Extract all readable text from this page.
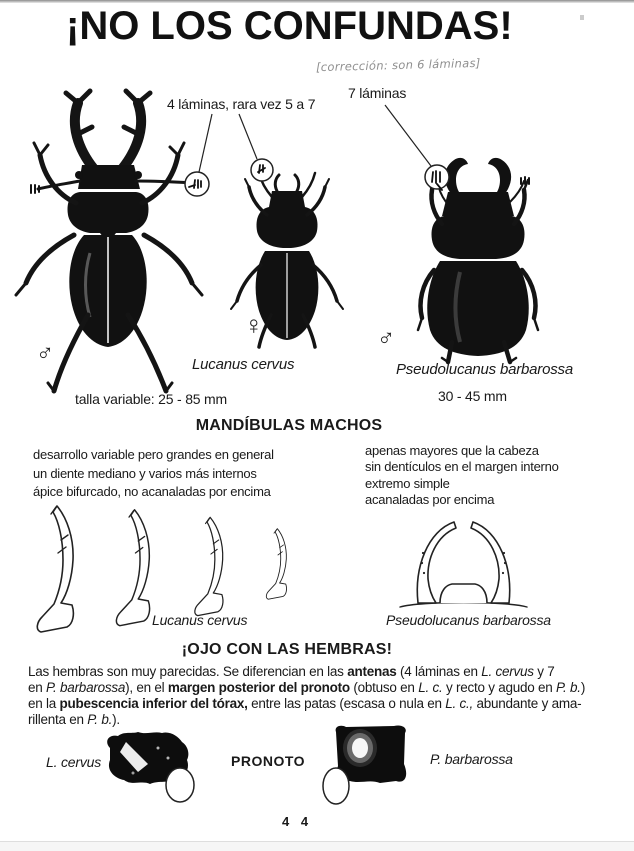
¡NO LOS CONFUNDAS!
[corrección: son 6 láminas]
4 láminas, rara vez 5 a 7
7 láminas
♂
♀	♂
Lucanus cervus	Pseudolucanus barbarossa
talla variable: 25 - 85 mm	30 - 45 mm
MANDÍBULAS MACHOS
desarrollo variable pero grandes en general
un diente mediano y varios más internos
ápice bifurcado, no acanaladas por encima
apenas mayores que la cabeza
sin dentículos en el margen interno
extremo simple
acanaladas por encima
Lucanus cervus	Pseudolucanus barbarossa
¡OJO CON LAS HEMBRAS!
Las hembras son muy parecidas. Se diferencian en las antenas (4 láminas en L. cervus y 7
en P. barbarossa), en el margen posterior del pronoto (obtuso en L. c. y recto y agudo en P. b.)
en la pubescencia inferior del tórax, entre las patas (escasa o nula en L. c., abundante y ama-
rillenta en P. b.).
L. cervus	PRONOTO	P. barbarossa
4 4
